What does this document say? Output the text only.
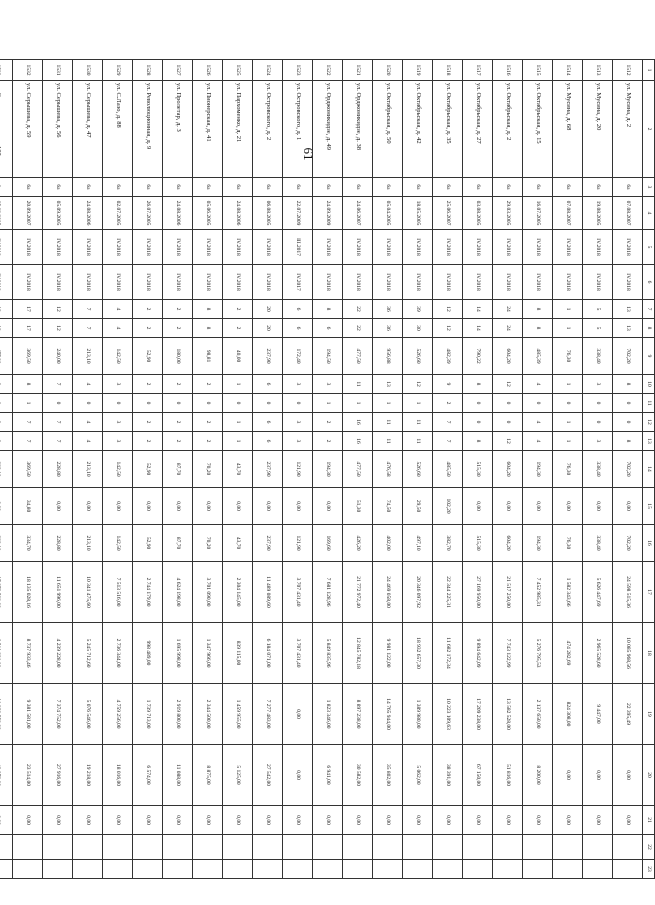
61
1	2	3	4	5	6	7	8	9	10	11	12	13	14	15	16	17	18	19	20	21	22	23
1512	ул. Мусина, д. 2	6а	07.08.2007	IV.2018	IV.2018	13	13	702,20	8	0	0	8	702,20	0,00	702,20	24 598 515,36	10 085 968,56	22 395,49	0,00	0,00		
1513	ул. Мусина, д. 20	6а	19.08.2005	IV.2018	IV.2018	5	5	338,40	3	0	0	3	338,40	0,00	338,40	5 626 447,69	2 965 528,60	9 447,00	0,00	0,00		
1514	ул. Мусина, д. 68	6а	07.08.2007	IV.2018	IV.2018	1	1	76,30	1	0	1	1	76,30	0,00	76,30	1 582 343,66	474 282,69	824 308,00	0,00	0,00		
1515	ул. Октябрьская, д. 15	6а	16.07.2005	IV.2018	IV.2018	8	8	485,39	4	0	4	4	194,30	0,00	194,30	7 452 985,31	5 276 795,53	2 137 650,00	8 200,00	0,00		
1516	ул. Октябрьская, д. 2	6а	29.03.2005	IV.2018	IV.2018	24	24	604,20	12	0	0	12	604,20	0,00	604,20	21 517 250,00	7 743 122,99	13 582 528,00	51 816,00	0,00		
1517	ул. Октябрьская, д. 27	6а	03.08.2005	IV.2018	IV.2018	14	14	790,22	8	0	0	8	515,30	0,00	515,30	27 169 950,00	9 894 642,09	17 209 238,00	67 150,00	0,00		
1518	ул. Октябрьская, д. 35	6а	25.06.2007	IV.2018	IV.2018	12	12	482,39	9	2	7	7	485,50	102,20	382,70	22 344 225,31	11 682 172,34	10 223 109,63	38 391,00	0,00		
1519	ул. Октябрьская, д. 42	6а	18.05.2005	IV.2018	IV.2018	39	30	526,60	12	1	11	11	526,60	29,50	497,10	20 346 097,92	18 932 657,30	1 389 980,00	5 062,00	0,00		
1520	ул. Октябрьская, д. 50	6а	05.04.2005	IV.2018	IV.2018	36	36	956,88	13	1	11	11	476,58	74,50	402,00	24 469 058,00	9 981 122,00	14 765 944,00	35 802,00	0,00		
1521	ул. Орджоникидзе, д. 38	6а	24.06.2007	IV.2018	IV.2018	22	22	477,50	11	1	16	16	477,50	51,30	426,20	21 772 972,40	12 845 782,18	8 897 238,00	30 582,00	0,00		
1522	ул. Орджоникидзе, д. 49	6а	24.09.2009	IV.2018	IV.2018	8	6	194,50	3	1	2	2	194,30	0,00	169,60	7 681 128,96	5 849 835,96	1 823 346,00	6 941,00	0,00		
1523	ул. Островского, д. 1	6а	22.07.2009	III.2017	IV.2017	6	6	172,40	3	0	3	3	121,90	0,00	121,90	3 707 431,40	3 707 431,40	0,00	0,00	0,00		
1524	ул. Островского, д. 2	6а	06.08.2005	IV.2018	IV.2018	20	20	237,90	6	0	6	6	237,90	0,00	237,90	11 489 089,60	6 184 071,00	7 277 483,00	27 542,00	0,00		
1525	ул. Пархоменко, д. 21	6а	24.08.2006	IV.2018	IV.2018	2	2	40,00	1	0	1	1	43,70	0,00	43,70	2 304 145,00	839 115,00	1 459 955,00	5 125,00	0,00		
1526	ул. Пионерская, д. 41	6а	05.06.2005	IV.2018	IV.2018	8	8	98,81	2	0	2	2	70,20	0,00	70,20	3 701 090,00	1 347 966,00	2 344 500,00	8 875,00	0,00		
1527	ул. Пролетар, д. 3	6а	24.08.2006	IV.2018	IV.2018	2	2	180,00	2	0	2	2	87,70	0,00	87,70	4 624 198,00	1 695 998,00	2 919 800,00	11 088,00	0,00		
1528	ул. Революционная, д. 9	6а	26.07.2005	IV.2018	IV.2018	2	2	52,90	2	0	2	2	52,90	0,00	52,90	2 744 179,00	998 489,00	1 739 713,00	6 574,00	0,00		
1529	ул. С.Лазо, д. 88	6а	02.07.2005	IV.2018	IV.2018	4	4	142,50	3	0	3	3	142,50	0,00	142,50	7 513 516,00	2 736 344,00	4 759 256,00	18 016,00	0,00		
1530	ул. Серышева, д. 47	6а	24.08.2006	IV.2018	IV.2018	7	7	213,10	4	0	4	4	213,10	0,00	213,10	10 341 475,60	5 245 712,60	5 076 546,00	19 218,00	0,00		
1531	ул. Серышева, д. 56	6а	05.09.2005	IV.2018	IV.2018	12	12	240,00	7	0	7	7	228,80	0,00	228,80	11 651 996,00	4 239 228,00	7 374 752,00	27 916,00	0,00		
1532	ул. Серышева, д. 59	6а	20.09.2007	IV.2018	IV.2018	17	17	369,50	8	1	7	7	369,50	34,80	334,70	18 135 028,16	8 737 933,46	9 381 581,00	23 514,00	0,00		
